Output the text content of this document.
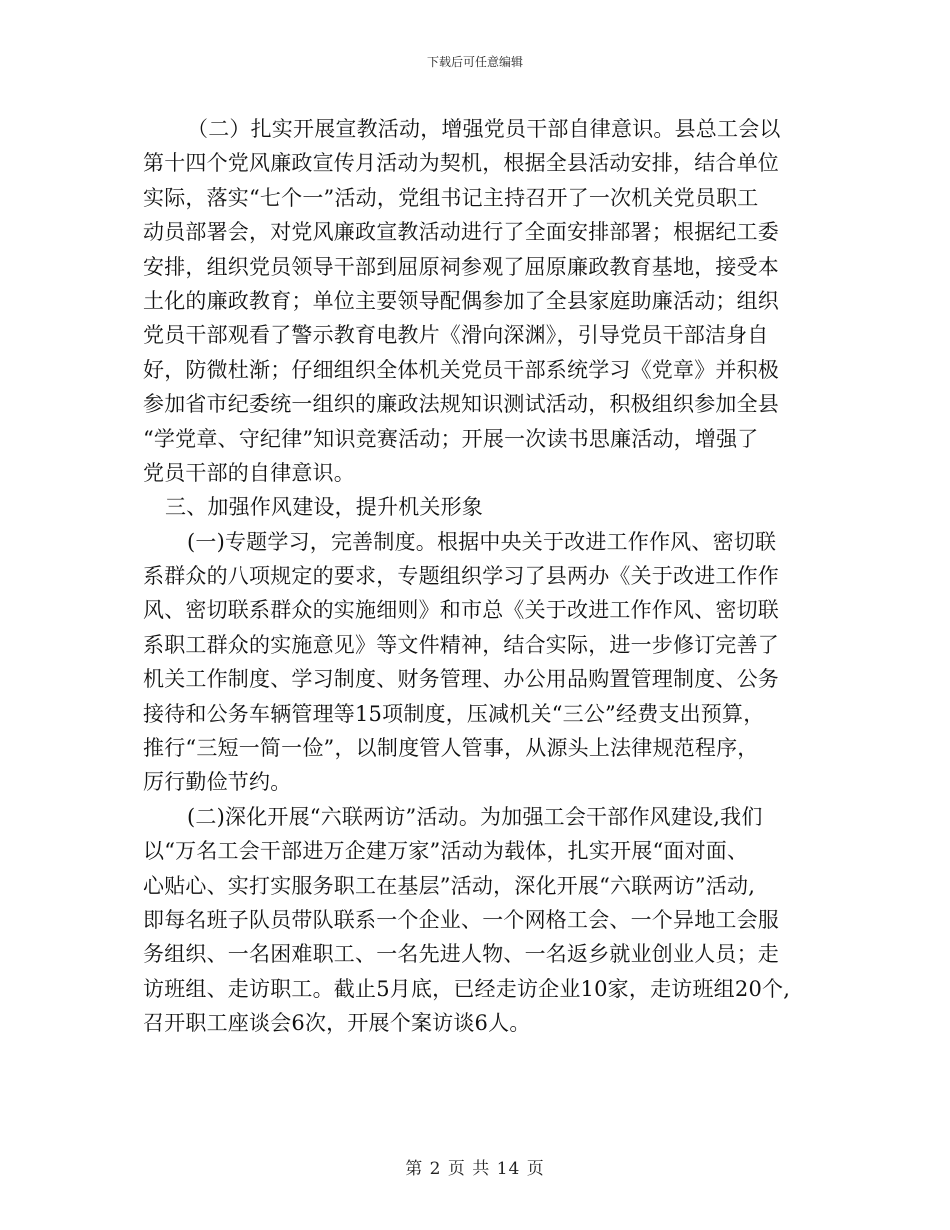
下载后可任意编辑
（二）扎实开展宣教活动，增强党员干部自律意识。县总工会以
第十四个党风廉政宣传月活动为契机，根据全县活动安排，结合单位
实际，落实“七个一”活动，党组书记主持召开了一次机关党员职工
动员部署会，对党风廉政宣教活动进行了全面安排部署；根据纪工委
安排，组织党员领导干部到屈原祠参观了屈原廉政教育基地，接受本
土化的廉政教育；单位主要领导配偶参加了全县家庭助廉活动；组织
党员干部观看了警示教育电教片《滑向深渊》，引导党员干部洁身自
好，防微杜渐；仔细组织全体机关党员干部系统学习《党章》并积极
参加省市纪委统一组织的廉政法规知识测试活动，积极组织参加全县
“学党章、守纪律”知识竞赛活动；开展一次读书思廉活动，增强了
党员干部的自律意识。
三、加强作风建设，提升机关形象
(一)专题学习，完善制度。根据中央关于改进工作作风、密切联
系群众的八项规定的要求，专题组织学习了县两办《关于改进工作作
风、密切联系群众的实施细则》和市总《关于改进工作作风、密切联
系职工群众的实施意见》等文件精神，结合实际，进一步修订完善了
机关工作制度、学习制度、财务管理、办公用品购置管理制度、公务
接待和公务车辆管理等15项制度，压减机关“三公”经费支出预算，
推行“三短一简一俭”，以制度管人管事，从源头上法律规范程序，
厉行勤俭节约。
(二)深化开展“六联两访”活动。为加强工会干部作风建设,我们
以“万名工会干部进万企建万家”活动为载体，扎实开展“面对面、
心贴心、实打实服务职工在基层”活动，深化开展“六联两访”活动,
即每名班子队员带队联系一个企业、一个网格工会、一个异地工会服
务组织、一名困难职工、一名先进人物、一名返乡就业创业人员；走
访班组、走访职工。截止5月底，已经走访企业10家，走访班组20个,
召开职工座谈会6次，开展个案访谈6人。
第 2 页 共 14 页
